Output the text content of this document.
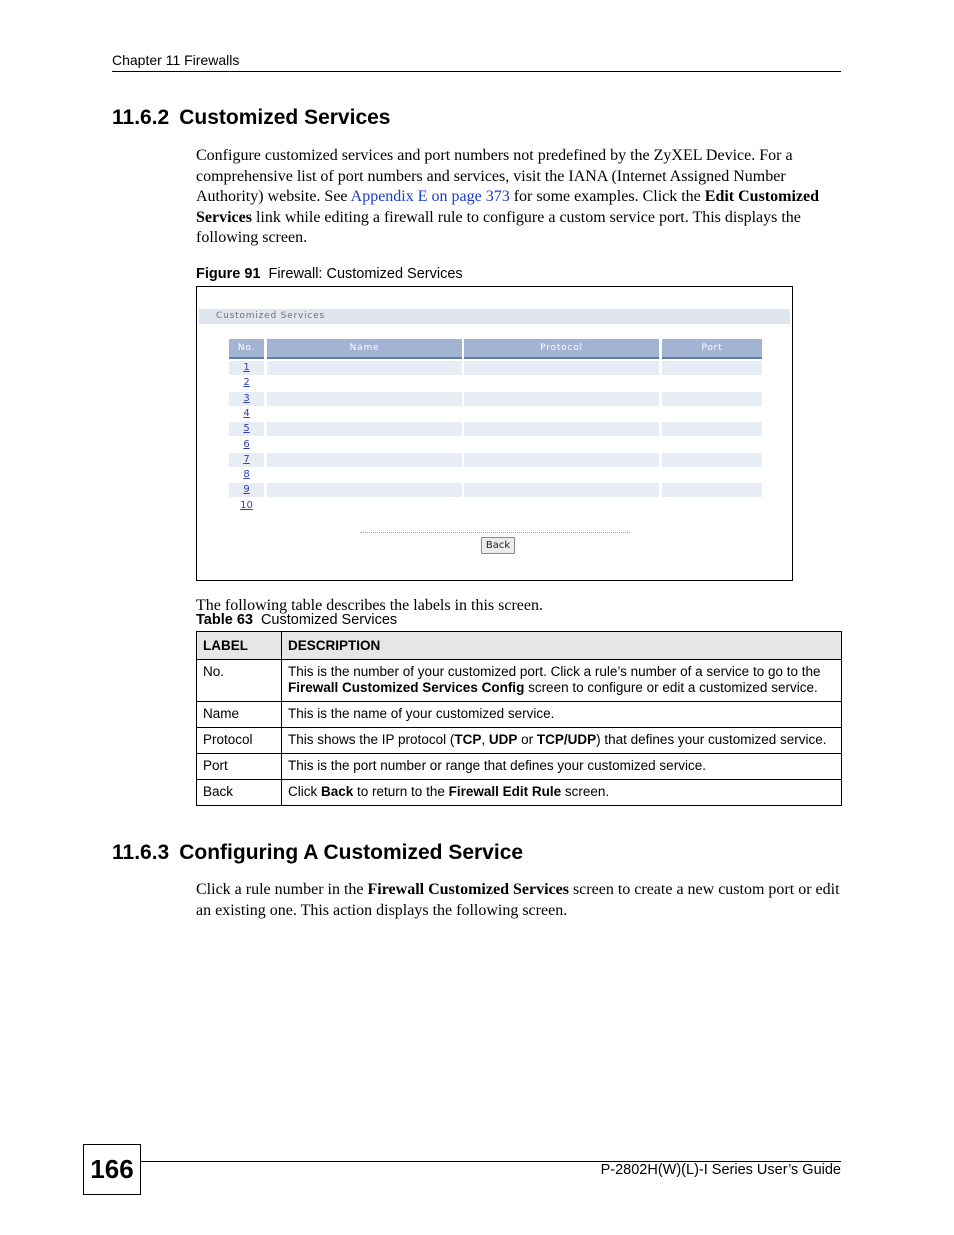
Chapter 11 Firewalls
11.6.2 Customized Services
Configure customized services and port numbers not predefined by the ZyXEL Device. For a comprehensive list of port numbers and services, visit the IANA (Internet Assigned Number Authority) website. See Appendix E on page 373 for some examples. Click the Edit Customized Services link while editing a firewall rule to configure a custom service port. This displays the following screen.
Figure 91 Firewall: Customized Services
Customized Services
No.	Name	Protocol	Port
1
2
3
4
5
6
7
8
9
10
Back
The following table describes the labels in this screen.
Table 63 Customized Services
LABEL	DESCRIPTION
No.	This is the number of your customized port. Click a rule’s number of a service to go to the Firewall Customized Services Config screen to configure or edit a customized service.
Name	This is the name of your customized service.
Protocol	This shows the IP protocol (TCP, UDP or TCP/UDP) that defines your customized service.
Port	This is the port number or range that defines your customized service.
Back	Click Back to return to the Firewall Edit Rule screen.
11.6.3 Configuring A Customized Service
Click a rule number in the Firewall Customized Services screen to create a new custom port or edit an existing one. This action displays the following screen.
166	P-2802H(W)(L)-I Series User’s Guide
